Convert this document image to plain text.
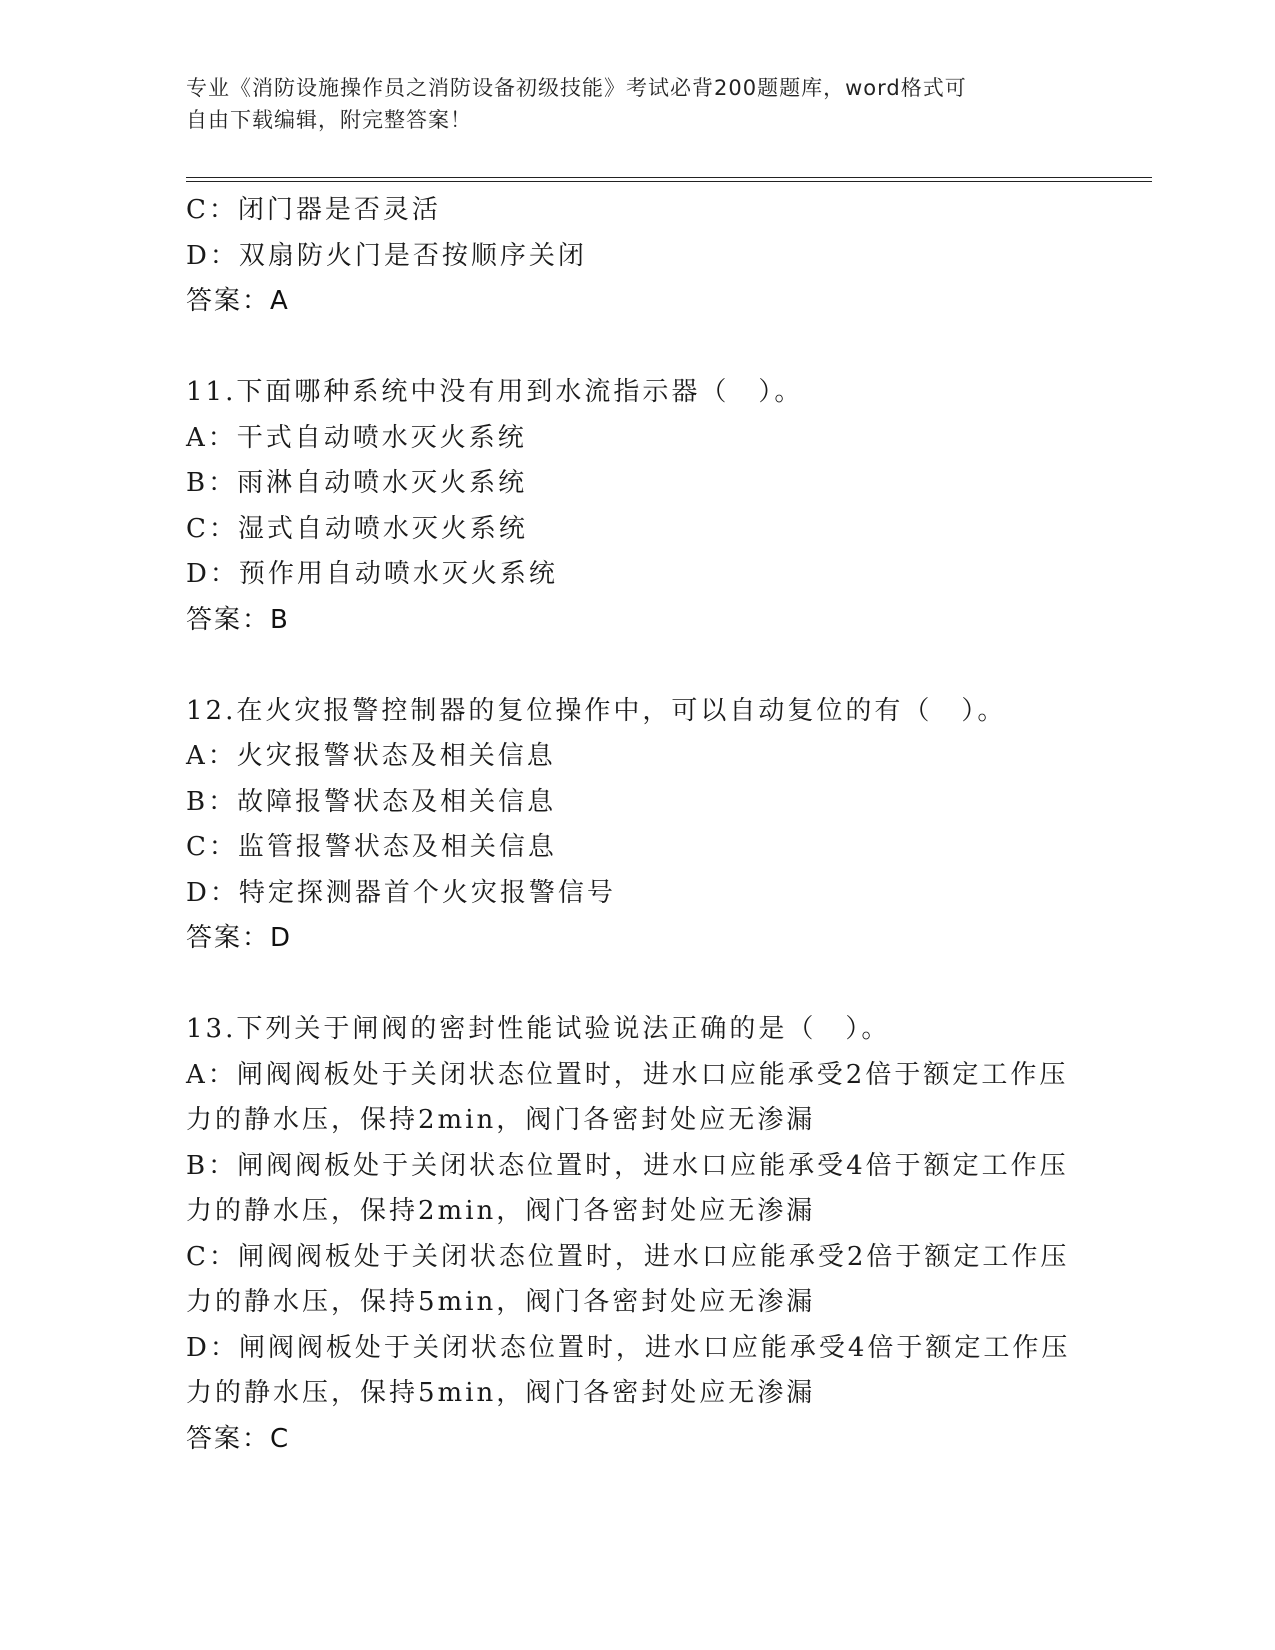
专业《消防设施操作员之消防设备初级技能》考试必背200题题库，word格式可
自由下载编辑，附完整答案！
C：闭门器是否灵活
D：双扇防火门是否按顺序关闭
答案：A
11.下面哪种系统中没有用到水流指示器（　）。
A：干式自动喷水灭火系统
B：雨淋自动喷水灭火系统
C：湿式自动喷水灭火系统
D：预作用自动喷水灭火系统
答案：B
12.在火灾报警控制器的复位操作中，可以自动复位的有（　）。
A：火灾报警状态及相关信息
B：故障报警状态及相关信息
C：监管报警状态及相关信息
D：特定探测器首个火灾报警信号
答案：D
13.下列关于闸阀的密封性能试验说法正确的是（　）。
A：闸阀阀板处于关闭状态位置时，进水口应能承受2倍于额定工作压
力的静水压，保持2min，阀门各密封处应无渗漏
B：闸阀阀板处于关闭状态位置时，进水口应能承受4倍于额定工作压
力的静水压，保持2min，阀门各密封处应无渗漏
C：闸阀阀板处于关闭状态位置时，进水口应能承受2倍于额定工作压
力的静水压，保持5min，阀门各密封处应无渗漏
D：闸阀阀板处于关闭状态位置时，进水口应能承受4倍于额定工作压
力的静水压，保持5min，阀门各密封处应无渗漏
答案：C
